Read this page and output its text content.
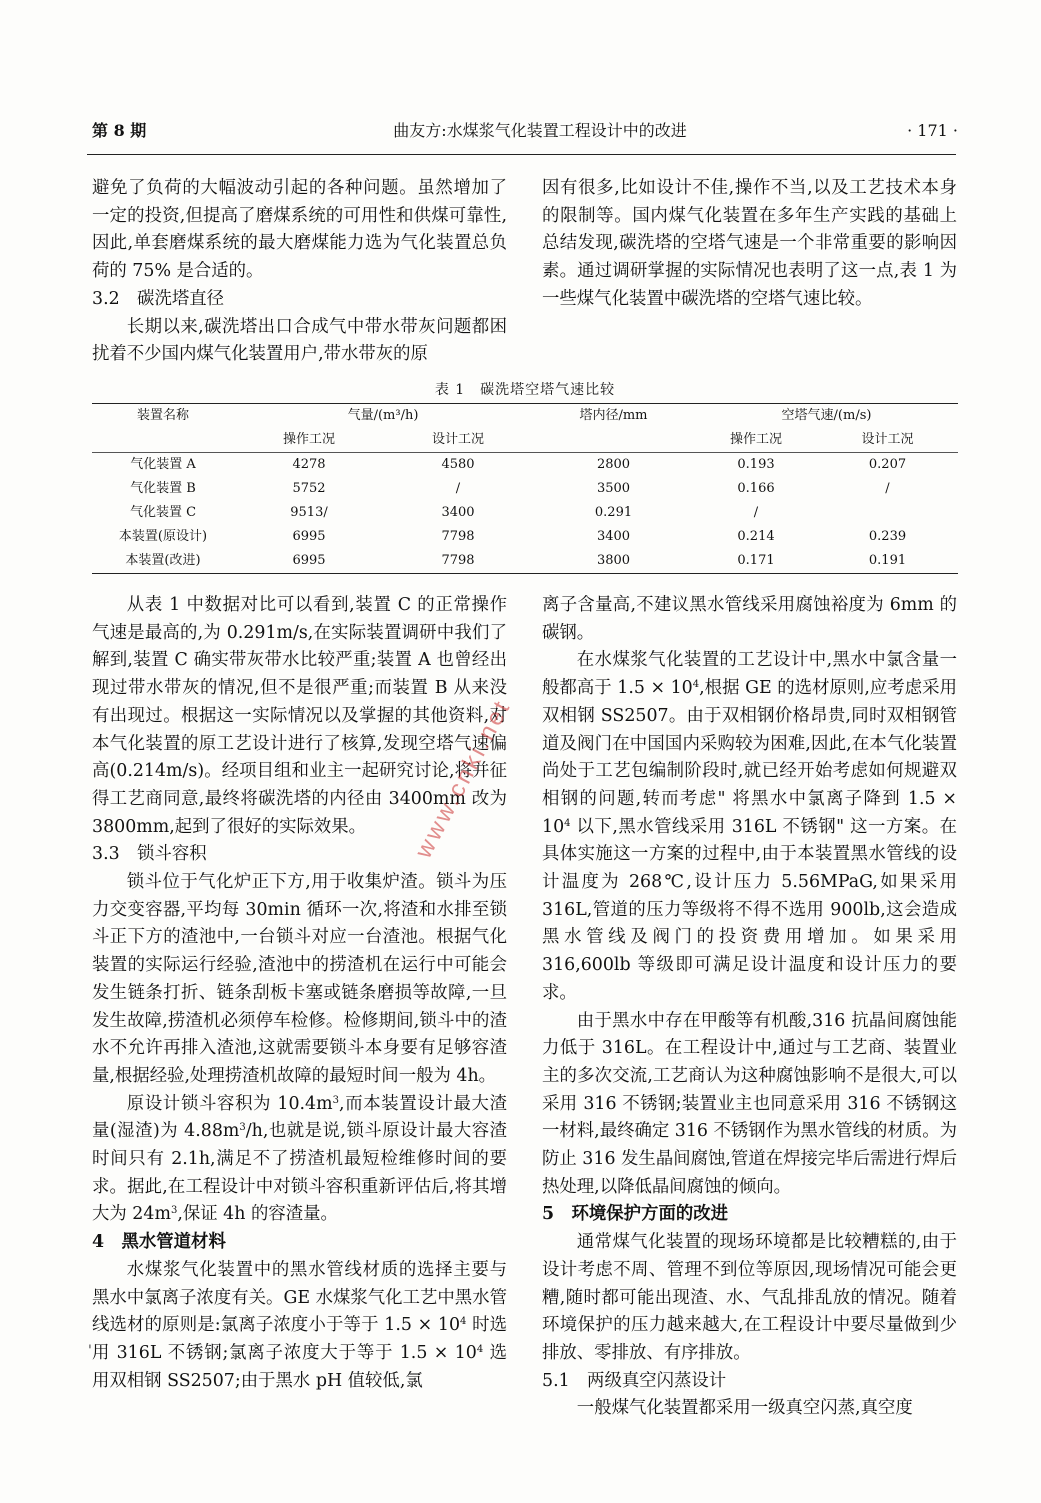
第 8 期	曲友方:水煤浆气化装置工程设计中的改进	· 171 ·

避免了负荷的大幅波动引起的各种问题。虽然增加了一定的投资,但提高了磨煤系统的可用性和供煤可靠性,因此,单套磨煤系统的最大磨煤能力选为气化装置总负荷的 75% 是合适的。

3.2　碳洗塔直径

长期以来,碳洗塔出口合成气中带水带灰问题都困扰着不少国内煤气化装置用户,带水带灰的原

因有很多,比如设计不佳,操作不当,以及工艺技术本身的限制等。国内煤气化装置在多年生产实践的基础上总结发现,碳洗塔的空塔气速是一个非常重要的影响因素。通过调研掌握的实际情况也表明了这一点,表 1 为一些煤气化装置中碳洗塔的空塔气速比较。

表 1　碳洗塔空塔气速比较
装置名称	气量/(m³/h)		塔内径/mm	空塔气速/(m/s)	
	操作工况	设计工况		操作工况	设计工况
气化装置 A	4278	4580	2800	0.193	0.207
气化装置 B	5752	/	3500	0.166	/
气化装置 C	9513/	3400	0.291	/	
本装置(原设计)	6995	7798	3400	0.214	0.239
本装置(改进)	6995	7798	3800	0.171	0.191

从表 1 中数据对比可以看到,装置 C 的正常操作气速是最高的,为 0.291m/s,在实际装置调研中我们了解到,装置 C 确实带灰带水比较严重;装置 A 也曾经出现过带水带灰的情况,但不是很严重;而装置 B 从来没有出现过。根据这一实际情况以及掌握的其他资料,对本气化装置的原工艺设计进行了核算,发现空塔气速偏高(0.214m/s)。经项目组和业主一起研究讨论,将并征得工艺商同意,最终将碳洗塔的内径由 3400mm 改为 3800mm,起到了很好的实际效果。

3.3　锁斗容积

锁斗位于气化炉正下方,用于收集炉渣。锁斗为压力交变容器,平均每 30min 循环一次,将渣和水排至锁斗正下方的渣池中,一台锁斗对应一台渣池。根据气化装置的实际运行经验,渣池中的捞渣机在运行中可能会发生链条打折、链条刮板卡塞或链条磨损等故障,一旦发生故障,捞渣机必须停车检修。检修期间,锁斗中的渣水不允许再排入渣池,这就需要锁斗本身要有足够容渣量,根据经验,处理捞渣机故障的最短时间一般为 4h。

原设计锁斗容积为 $10.4m^3$,而本装置设计最大渣量(湿渣)为 $4.88m^3/h$,也就是说,锁斗原设计最大容渣时间只有 2.1h,满足不了捞渣机最短检维修时间的要求。据此,在工程设计中对锁斗容积重新评估后,将其增大为 $24m^3$,保证 4h 的容渣量。

4　黑水管道材料

水煤浆气化装置中的黑水管线材质的选择主要与黑水中氯离子浓度有关。GE 水煤浆气化工艺中黑水管线选材的原则是:氯离子浓度小于等于 $1.5 \times 10^4$ 时选用 316L 不锈钢;氯离子浓度大于等于 $1.5 \times 10^4$ 选用双相钢 SS2507;由于黑水 pH 值较低,氯

离子含量高,不建议黑水管线采用腐蚀裕度为 6mm 的碳钢。

在水煤浆气化装置的工艺设计中,黑水中氯含量一般都高于 $1.5 \times 10^4$,根据 GE 的选材原则,应考虑采用双相钢 SS2507。由于双相钢价格昂贵,同时双相钢管道及阀门在中国国内采购较为困难,因此,在本气化装置尚处于工艺包编制阶段时,就已经开始考虑如何规避双相钢的问题,转而考虑" 将黑水中氯离子降到 $1.5 \times 10^4$ 以下,黑水管线采用 316L 不锈钢" 这一方案。在具体实施这一方案的过程中,由于本装置黑水管线的设计温度为 268℃,设计压力 5.56MPaG,如果采用 316L,管道的压力等级将不得不选用 900lb,这会造成黑水管线及阀门的投资费用增加。如果采用 316,600lb 等级即可满足设计温度和设计压力的要求。

由于黑水中存在甲酸等有机酸,316 抗晶间腐蚀能力低于 316L。在工程设计中,通过与工艺商、装置业主的多次交流,工艺商认为这种腐蚀影响不是很大,可以采用 316 不锈钢;装置业主也同意采用 316 不锈钢这一材料,最终确定 316 不锈钢作为黑水管线的材质。为防止 316 发生晶间腐蚀,管道在焊接完毕后需进行焊后热处理,以降低晶间腐蚀的倾向。

5　环境保护方面的改进

通常煤气化装置的现场环境都是比较糟糕的,由于设计考虑不周、管理不到位等原因,现场情况可能会更糟,随时都可能出现渣、水、气乱排乱放的情况。随着环境保护的压力越来越大,在工程设计中要尽量做到少排放、零排放、有序排放。

5.1　两级真空闪蒸设计

一般煤气化装置都采用一级真空闪蒸,真空度

www.cnki.net
'
